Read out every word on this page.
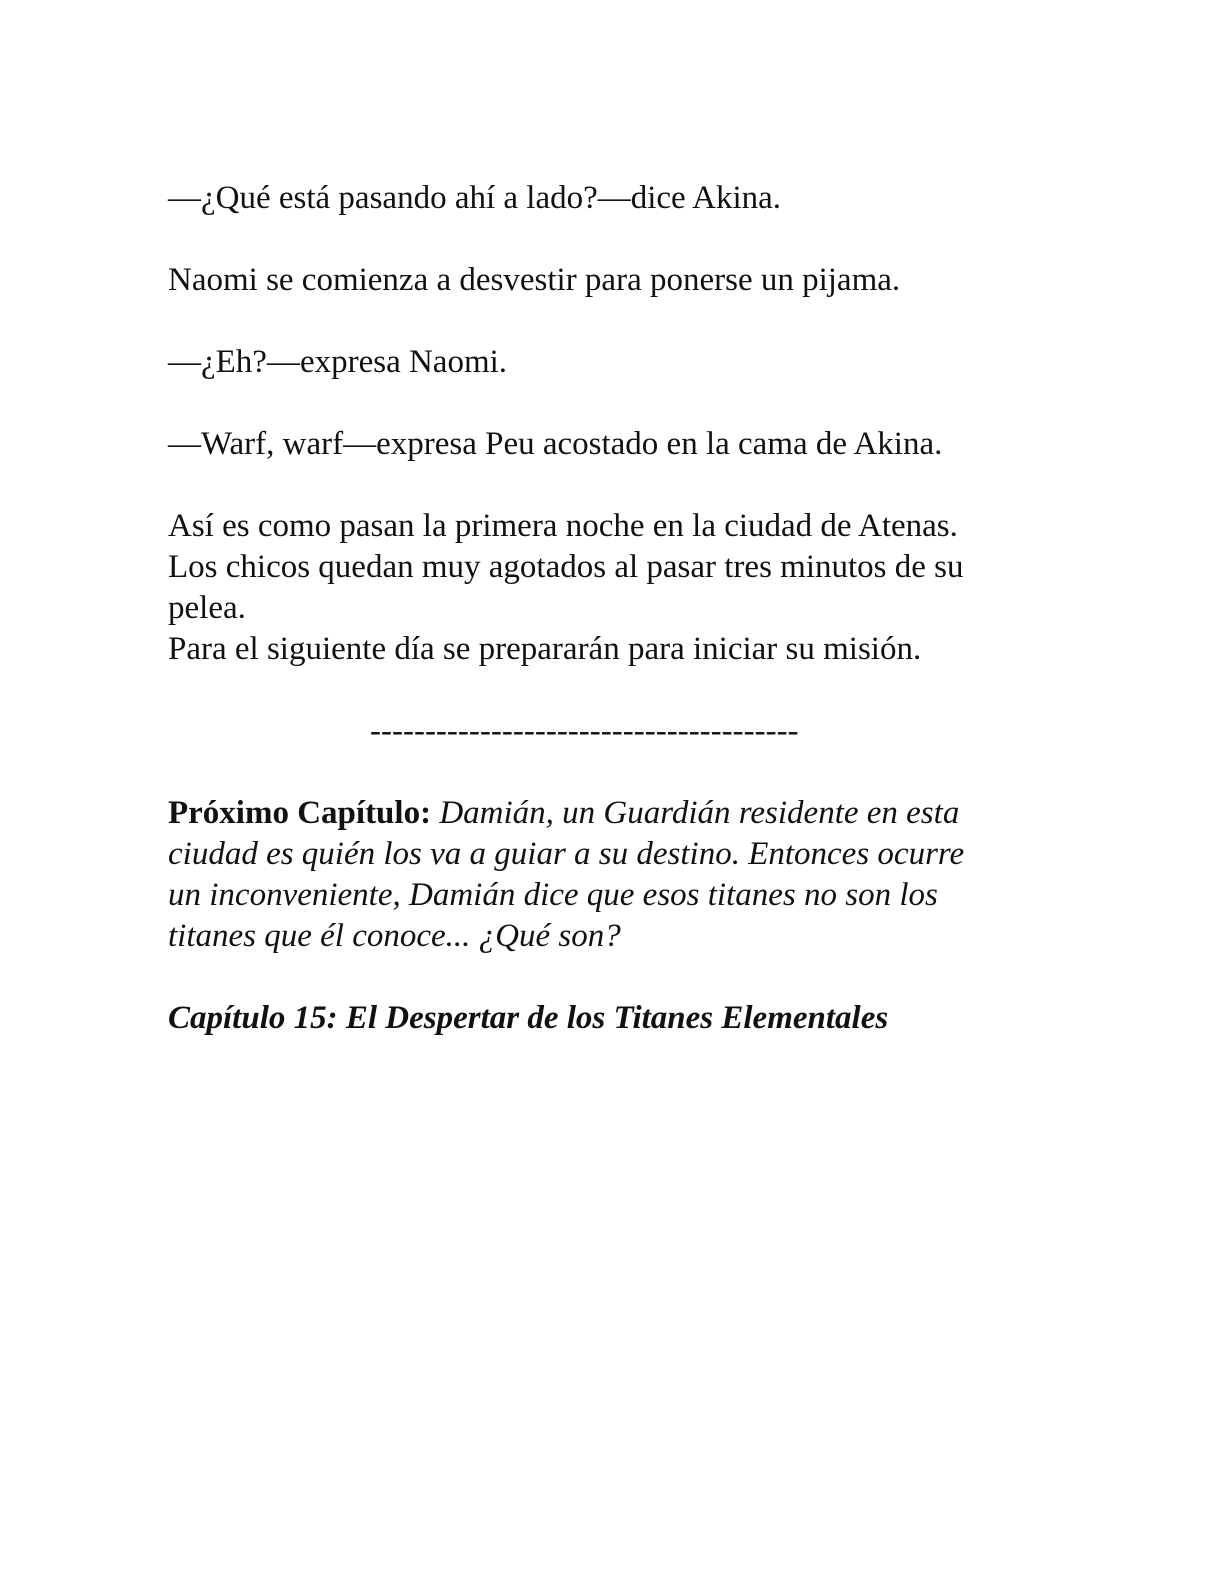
—¿Qué está pasando ahí a lado?—dice Akina.

Naomi se comienza a desvestir para ponerse un pijama.

—¿Eh?—expresa Naomi.

—Warf, warf—expresa Peu acostado en la cama de Akina.

Así es como pasan la primera noche en la ciudad de Atenas.
Los chicos quedan muy agotados al pasar tres minutos de su
pelea.
Para el siguiente día se prepararán para iniciar su misión.

---------------------------------------

Próximo Capítulo: Damián, un Guardián residente en esta
ciudad es quién los va a guiar a su destino. Entonces ocurre
un inconveniente, Damián dice que esos titanes no son los
titanes que él conoce... ¿Qué son?

Capítulo 15: El Despertar de los Titanes Elementales
